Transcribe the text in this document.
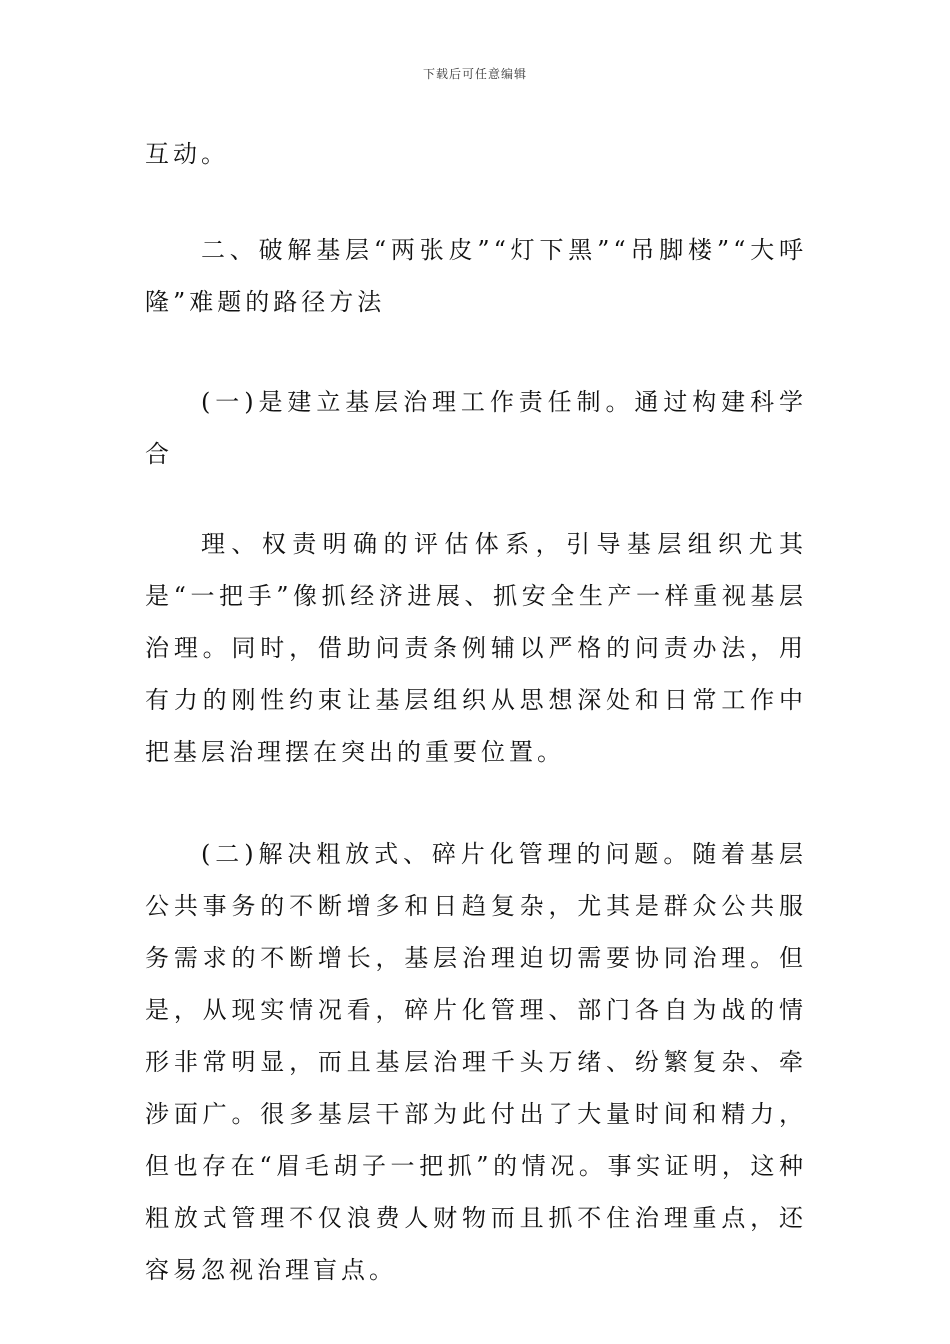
下载后可任意编辑

互动。

二、破解基层“两张皮”“灯下黑”“吊脚楼”“大呼隆”难题的路径方法

(一)是建立基层治理工作责任制。通过构建科学合

理、权责明确的评估体系，引导基层组织尤其是“一把手”像抓经济进展、抓安全生产一样重视基层治理。同时，借助问责条例辅以严格的问责办法，用有力的刚性约束让基层组织从思想深处和日常工作中把基层治理摆在突出的重要位置。

(二)解决粗放式、碎片化管理的问题。随着基层公共事务的不断增多和日趋复杂，尤其是群众公共服务需求的不断增长，基层治理迫切需要协同治理。但是，从现实情况看，碎片化管理、部门各自为战的情形非常明显，而且基层治理千头万绪、纷繁复杂、牵涉面广。很多基层干部为此付出了大量时间和精力，但也存在“眉毛胡子一把抓”的情况。事实证明，这种粗放式管理不仅浪费人财物而且抓不住治理重点，还容易忽视治理盲点。
